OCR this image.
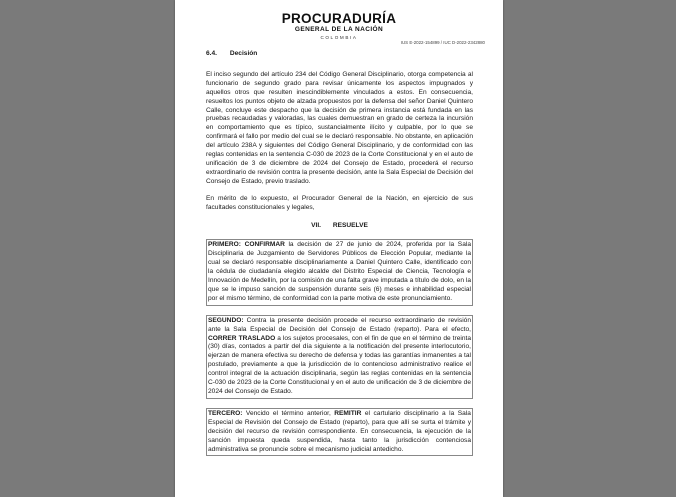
PROCURADURÍA
GENERAL DE LA NACIÓN
COLOMBIA
IUS E-2022-154899 / IUC D-2022-2342880
6.4. Decisión

El inciso segundo del artículo 234 del Código General Disciplinario, otorga competencia al funcionario de segundo grado para revisar únicamente los aspectos impugnados y aquellos otros que resulten inescindiblemente vinculados a estos. En consecuencia, resueltos los puntos objeto de alzada propuestos por la defensa del señor Daniel Quintero Calle, concluye este despacho que la decisión de primera instancia está fundada en las pruebas recaudadas y valoradas, las cuales demuestran en grado de certeza la incursión en comportamiento que es típico, sustancialmente ilícito y culpable, por lo que se confirmará el fallo por medio del cual se le declaró responsable. No obstante, en aplicación del artículo 238A y siguientes del Código General Disciplinario, y de conformidad con las reglas contenidas en la sentencia C-030 de 2023 de la Corte Constitucional y en el auto de unificación de 3 de diciembre de 2024 del Consejo de Estado, procederá el recurso extraordinario de revisión contra la presente decisión, ante la Sala Especial de Decisión del Consejo de Estado, previo traslado.

En mérito de lo expuesto, el Procurador General de la Nación, en ejercicio de sus facultades constitucionales y legales,

VII. RESUELVE

PRIMERO: CONFIRMAR la decisión de 27 de junio de 2024, proferida por la Sala Disciplinaria de Juzgamiento de Servidores Públicos de Elección Popular, mediante la cual se declaró responsable disciplinariamente a Daniel Quintero Calle, identificado con la cédula de ciudadanía elegido alcalde del Distrito Especial de Ciencia, Tecnología e Innovación de Medellín, por la comisión de una falta grave imputada a título de dolo, en la que se le impuso sanción de suspensión durante seis (6) meses e inhabilidad especial por el mismo término, de conformidad con la parte motiva de este pronunciamiento.

SEGUNDO: Contra la presente decisión procede el recurso extraordinario de revisión ante la Sala Especial de Decisión del Consejo de Estado (reparto). Para el efecto, CORRER TRASLADO a los sujetos procesales, con el fin de que en el término de treinta (30) días, contados a partir del día siguiente a la notificación del presente interlocutorio, ejerzan de manera efectiva su derecho de defensa y todas las garantías inmanentes a tal postulado, previamente a que la jurisdicción de lo contencioso administrativo realice el control integral de la actuación disciplinaria, según las reglas contenidas en la sentencia C-030 de 2023 de la Corte Constitucional y en el auto de unificación de 3 de diciembre de 2024 del Consejo de Estado.

TERCERO: Vencido el término anterior, REMITIR el cartulario disciplinario a la Sala Especial de Revisión del Consejo de Estado (reparto), para que allí se surta el trámite y decisión del recurso de revisión correspondiente. En consecuencia, la ejecución de la sanción impuesta queda suspendida, hasta tanto la jurisdicción contenciosa administrativa se pronuncie sobre el mecanismo judicial antedicho.
